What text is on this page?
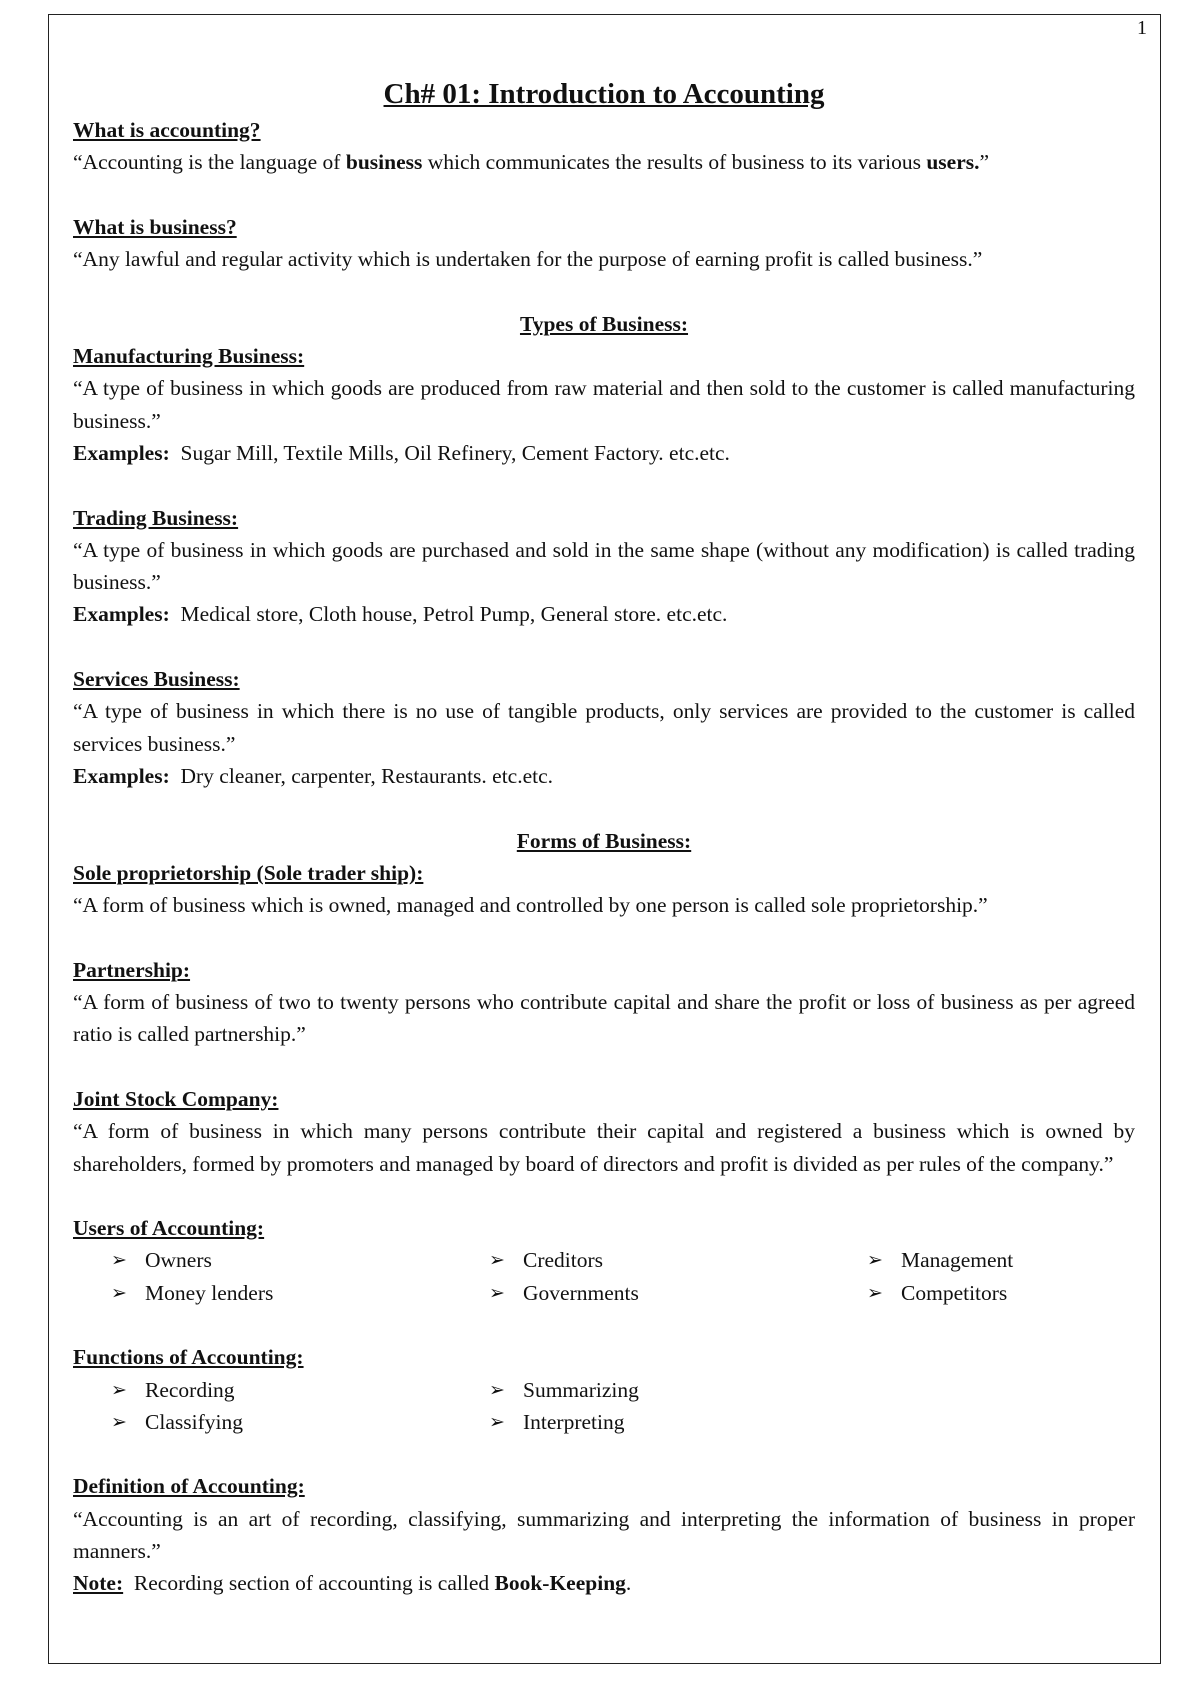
1
Ch# 01: Introduction to Accounting
What is accounting?
“Accounting is the language of business which communicates the results of business to its various users.”
What is business?
“Any lawful and regular activity which is undertaken for the purpose of earning profit is called business.”
Types of Business:
Manufacturing Business:
“A type of business in which goods are produced from raw material and then sold to the customer is called manufacturing business.”
Examples: Sugar Mill, Textile Mills, Oil Refinery, Cement Factory. etc.etc.
Trading Business:
“A type of business in which goods are purchased and sold in the same shape (without any modification) is called trading business.”
Examples: Medical store, Cloth house, Petrol Pump, General store. etc.etc.
Services Business:
“A type of business in which there is no use of tangible products, only services are provided to the customer is called services business.”
Examples: Dry cleaner, carpenter, Restaurants. etc.etc.
Forms of Business:
Sole proprietorship (Sole trader ship):
“A form of business which is owned, managed and controlled by one person is called sole proprietorship.”
Partnership:
“A form of business of two to twenty persons who contribute capital and share the profit or loss of business as per agreed ratio is called partnership.”
Joint Stock Company:
“A form of business in which many persons contribute their capital and registered a business which is owned by shareholders, formed by promoters and managed by board of directors and profit is divided as per rules of the company.”
Users of Accounting:
➢ Owners	➢ Creditors	➢ Management
➢ Money lenders	➢ Governments	➢ Competitors
Functions of Accounting:
➢ Recording	➢ Summarizing
➢ Classifying	➢ Interpreting
Definition of Accounting:
“Accounting is an art of recording, classifying, summarizing and interpreting the information of business in proper manners.”
Note: Recording section of accounting is called Book-Keeping.
